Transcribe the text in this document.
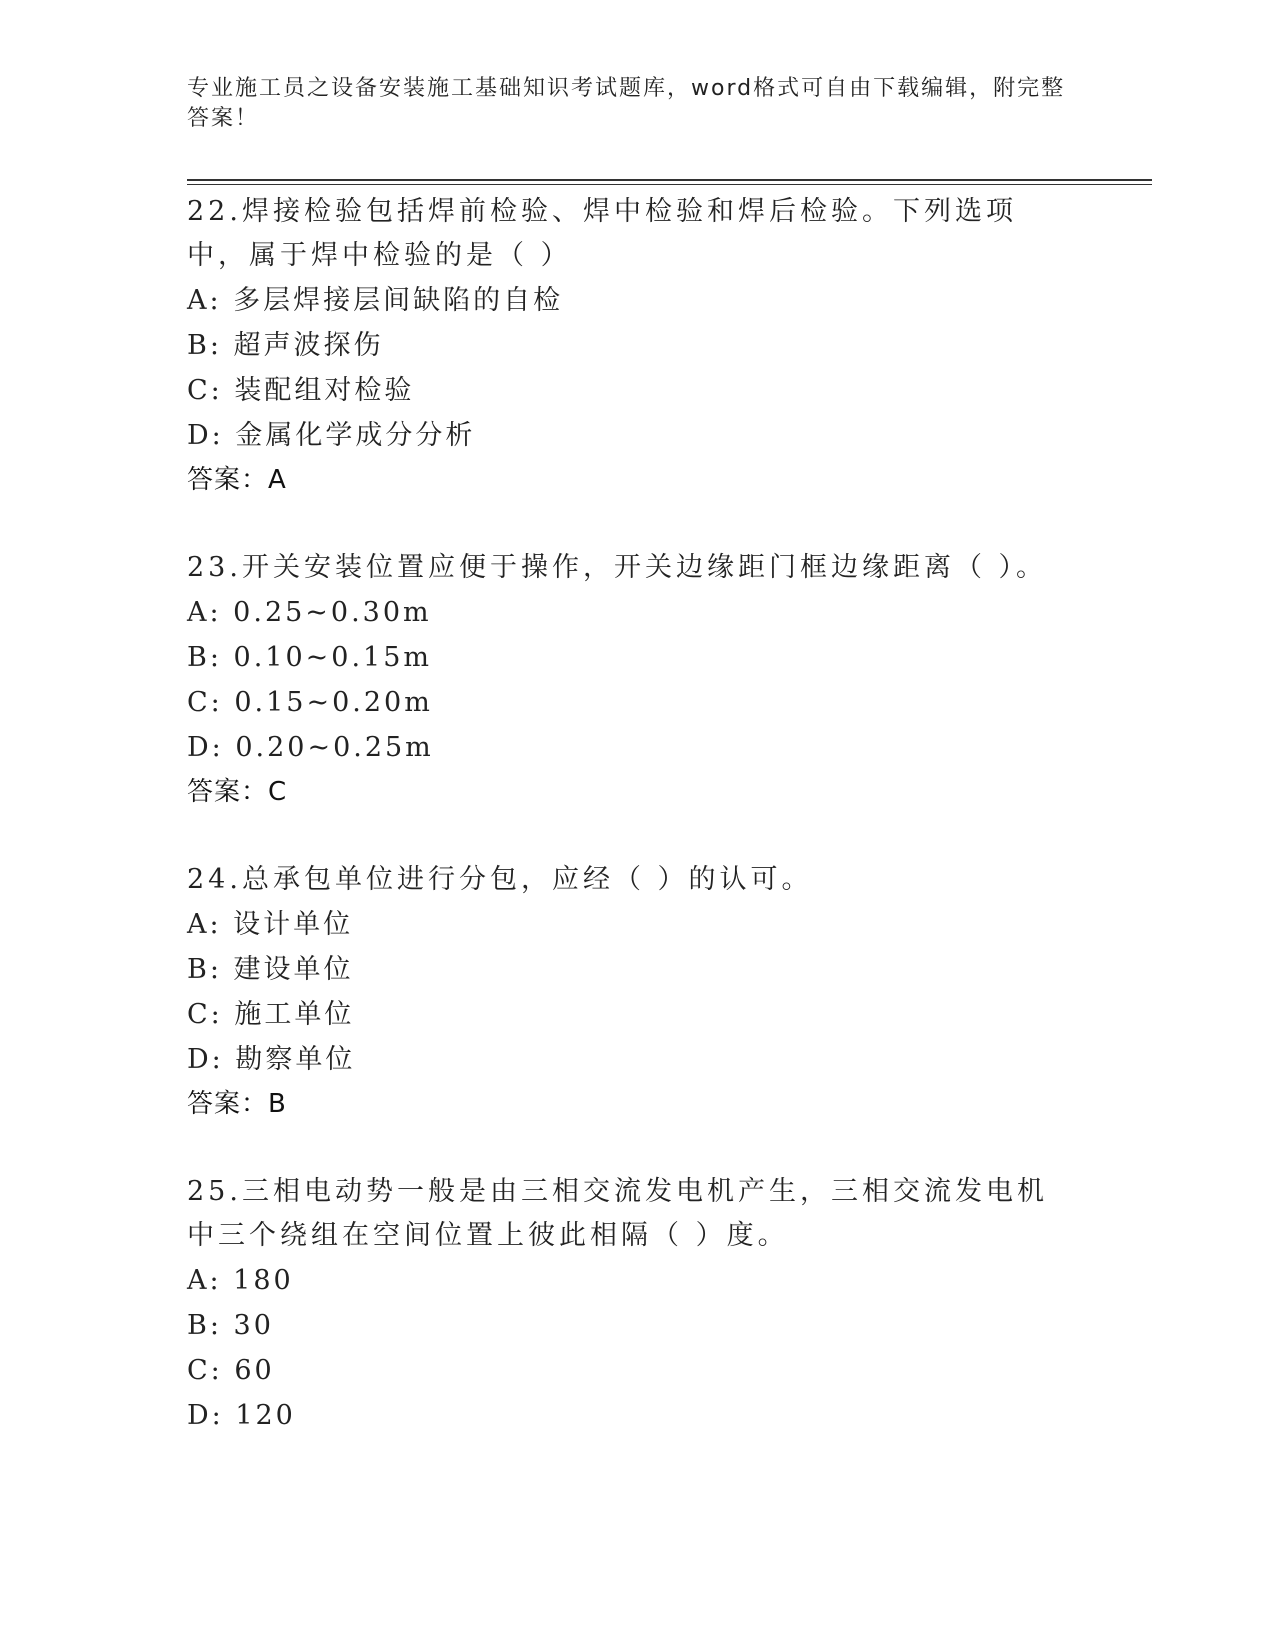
专业施工员之设备安装施工基础知识考试题库，word格式可自由下载编辑，附完整答案！
22.焊接检验包括焊前检验、焊中检验和焊后检验。下列选项中，属于焊中检验的是（ ）
A: 多层焊接层间缺陷的自检
B: 超声波探伤
C: 装配组对检验
D: 金属化学成分分析
答案：A
23.开关安装位置应便于操作，开关边缘距门框边缘距离（ ）。
A: 0.25~0.30m
B: 0.10~0.15m
C: 0.15~0.20m
D: 0.20~0.25m
答案：C
24.总承包单位进行分包，应经（ ）的认可。
A: 设计单位
B: 建设单位
C: 施工单位
D: 勘察单位
答案：B
25.三相电动势一般是由三相交流发电机产生，三相交流发电机中三个绕组在空间位置上彼此相隔（ ）度。
A: 180
B: 30
C: 60
D: 120
